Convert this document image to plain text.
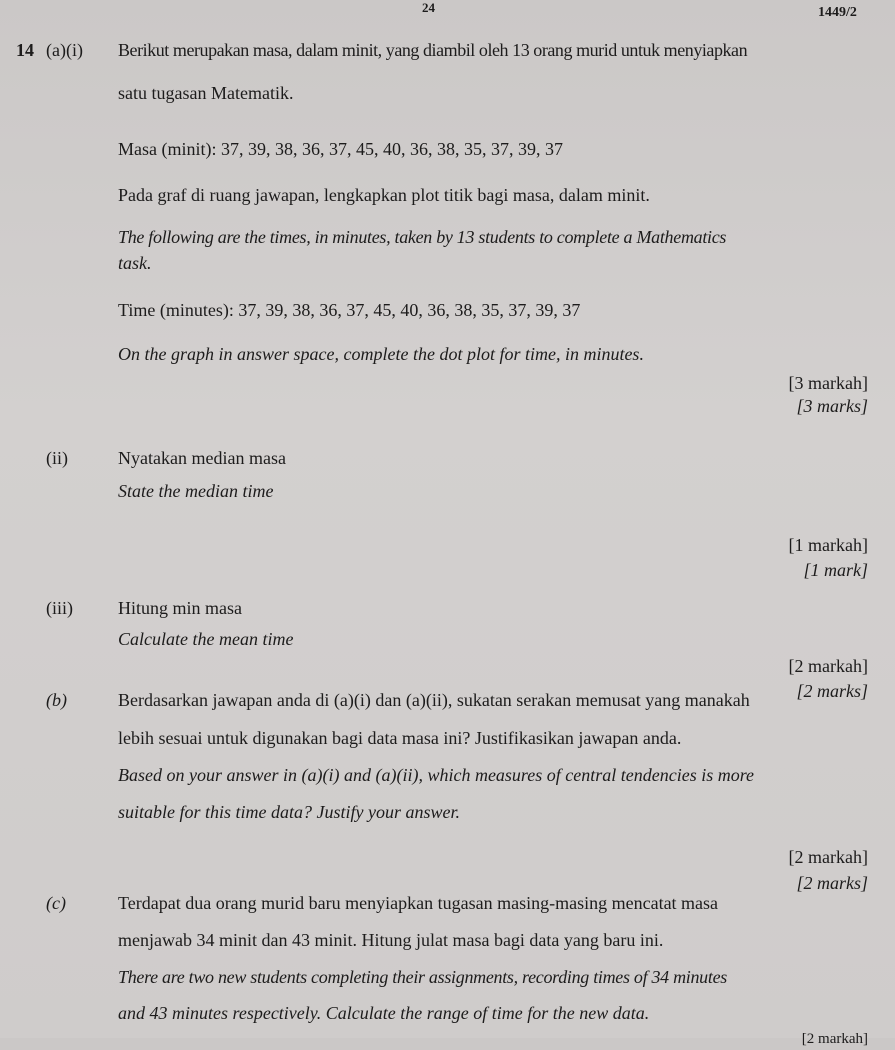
24	1449/2
14 (a)(i) Berikut merupakan masa, dalam minit, yang diambil oleh 13 orang murid untuk menyiapkan
satu tugasan Matematik.
Masa (minit): 37, 39, 38, 36, 37, 45, 40, 36, 38, 35, 37, 39, 37
Pada graf di ruang jawapan, lengkapkan plot titik bagi masa, dalam minit.
The following are the times, in minutes, taken by 13 students to complete a Mathematics
task.
Time (minutes): 37, 39, 38, 36, 37, 45, 40, 36, 38, 35, 37, 39, 37
On the graph in answer space, complete the dot plot for time, in minutes.
[3 markah]
[3 marks]
(ii)	Nyatakan median masa
State the median time
[1 markah]
[1 mark]
(iii)	Hitung min masa
Calculate the mean time
[2 markah]
[2 marks]
(b)	Berdasarkan jawapan anda di (a)(i) dan (a)(ii), sukatan serakan memusat yang manakah
lebih sesuai untuk digunakan bagi data masa ini? Justifikasikan jawapan anda.
Based on your answer in (a)(i) and (a)(ii), which measures of central tendencies is more
suitable for this time data? Justify your answer.
[2 markah]
[2 marks]
(c)	Terdapat dua orang murid baru menyiapkan tugasan masing-masing mencatat masa
menjawab 34 minit dan 43 minit. Hitung julat masa bagi data yang baru ini.
There are two new students completing their assignments, recording times of 34 minutes
and 43 minutes respectively. Calculate the range of time for the new data.
[2 markah]
